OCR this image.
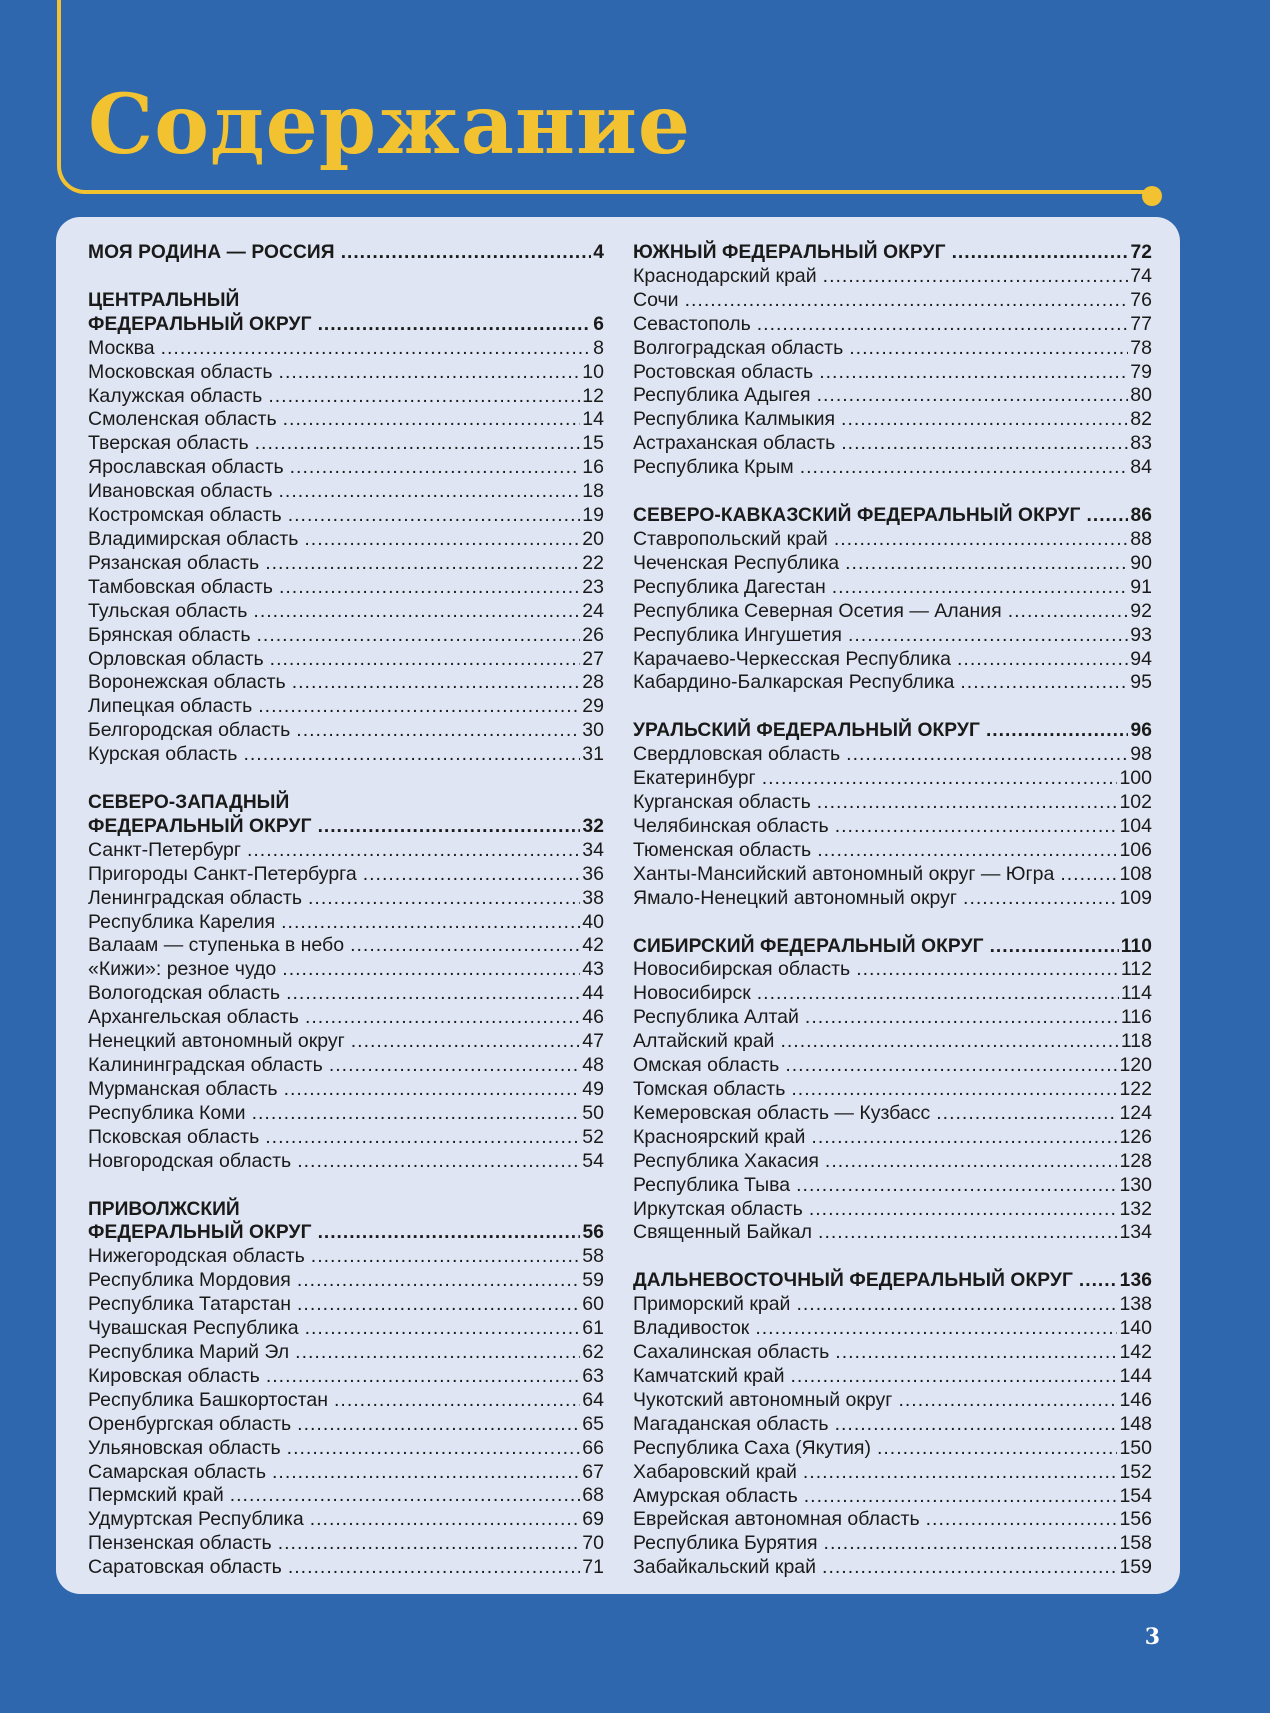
Содержание
МОЯ РОДИНА — РОССИЯ .....	4
ЦЕНТРАЛЬНЫЙ
ФЕДЕРАЛЬНЫЙ ОКРУГ .....	6
Москва .....	8
Московская область .....	10
Калужская область .....	12
Смоленская область .....	14
Тверская область .....	15
Ярославская область .....	16
Ивановская область .....	18
Костромская область .....	19
Владимирская область .....	20
Рязанская область .....	22
Тамбовская область .....	23
Тульская область .....	24
Брянская область .....	26
Орловская область .....	27
Воронежская область .....	28
Липецкая область .....	29
Белгородская область .....	30
Курская область .....	31
СЕВЕРО-ЗАПАДНЫЙ
ФЕДЕРАЛЬНЫЙ ОКРУГ .....	32
Санкт-Петербург .....	34
Пригороды Санкт-Петербурга .....	36
Ленинградская область .....	38
Республика Карелия .....	40
Валаам — ступенька в небо .....	42
«Кижи»: резное чудо .....	43
Вологодская область .....	44
Архангельская область .....	46
Ненецкий автономный округ .....	47
Калининградская область .....	48
Мурманская область .....	49
Республика Коми .....	50
Псковская область .....	52
Новгородская область .....	54
ПРИВОЛЖСКИЙ
ФЕДЕРАЛЬНЫЙ ОКРУГ .....	56
Нижегородская область .....	58
Республика Мордовия .....	59
Республика Татарстан .....	60
Чувашская Республика .....	61
Республика Марий Эл .....	62
Кировская область .....	63
Республика Башкортостан .....	64
Оренбургская область .....	65
Ульяновская область .....	66
Самарская область .....	67
Пермский край .....	68
Удмуртская Республика .....	69
Пензенская область .....	70
Саратовская область .....	71
ЮЖНЫЙ ФЕДЕРАЛЬНЫЙ ОКРУГ .....	72
Краснодарский край .....	74
Сочи .....	76
Севастополь .....	77
Волгоградская область .....	78
Ростовская область .....	79
Республика Адыгея .....	80
Республика Калмыкия .....	82
Астраханская область .....	83
Республика Крым .....	84
СЕВЕРО-КАВКАЗСКИЙ ФЕДЕРАЛЬНЫЙ ОКРУГ .....	86
Ставропольский край .....	88
Чеченская Республика .....	90
Республика Дагестан .....	91
Республика Северная Осетия — Алания .....	92
Республика Ингушетия .....	93
Карачаево-Черкесская Республика .....	94
Кабардино-Балкарская Республика .....	95
УРАЛЬСКИЙ ФЕДЕРАЛЬНЫЙ ОКРУГ .....	96
Свердловская область .....	98
Екатеринбург .....	100
Курганская область .....	102
Челябинская область .....	104
Тюменская область .....	106
Ханты-Мансийский автономный округ — Югра .....	108
Ямало-Ненецкий автономный округ .....	109
СИБИРСКИЙ ФЕДЕРАЛЬНЫЙ ОКРУГ .....	110
Новосибирская область .....	112
Новосибирск .....	114
Республика Алтай .....	116
Алтайский край .....	118
Омская область .....	120
Томская область .....	122
Кемеровская область — Кузбасс .....	124
Красноярский край .....	126
Республика Хакасия .....	128
Республика Тыва .....	130
Иркутская область .....	132
Священный Байкал .....	134
ДАЛЬНЕВОСТОЧНЫЙ ФЕДЕРАЛЬНЫЙ ОКРУГ ..... 136
Приморский край .....	138
Владивосток .....	140
Сахалинская область .....	142
Камчатский край .....	144
Чукотский автономный округ .....	146
Магаданская область .....	148
Республика Саха (Якутия) .....	150
Хабаровский край .....	152
Амурская область .....	154
Еврейская автономная область .....	156
Республика Бурятия .....	158
Забайкальский край .....	159
3
